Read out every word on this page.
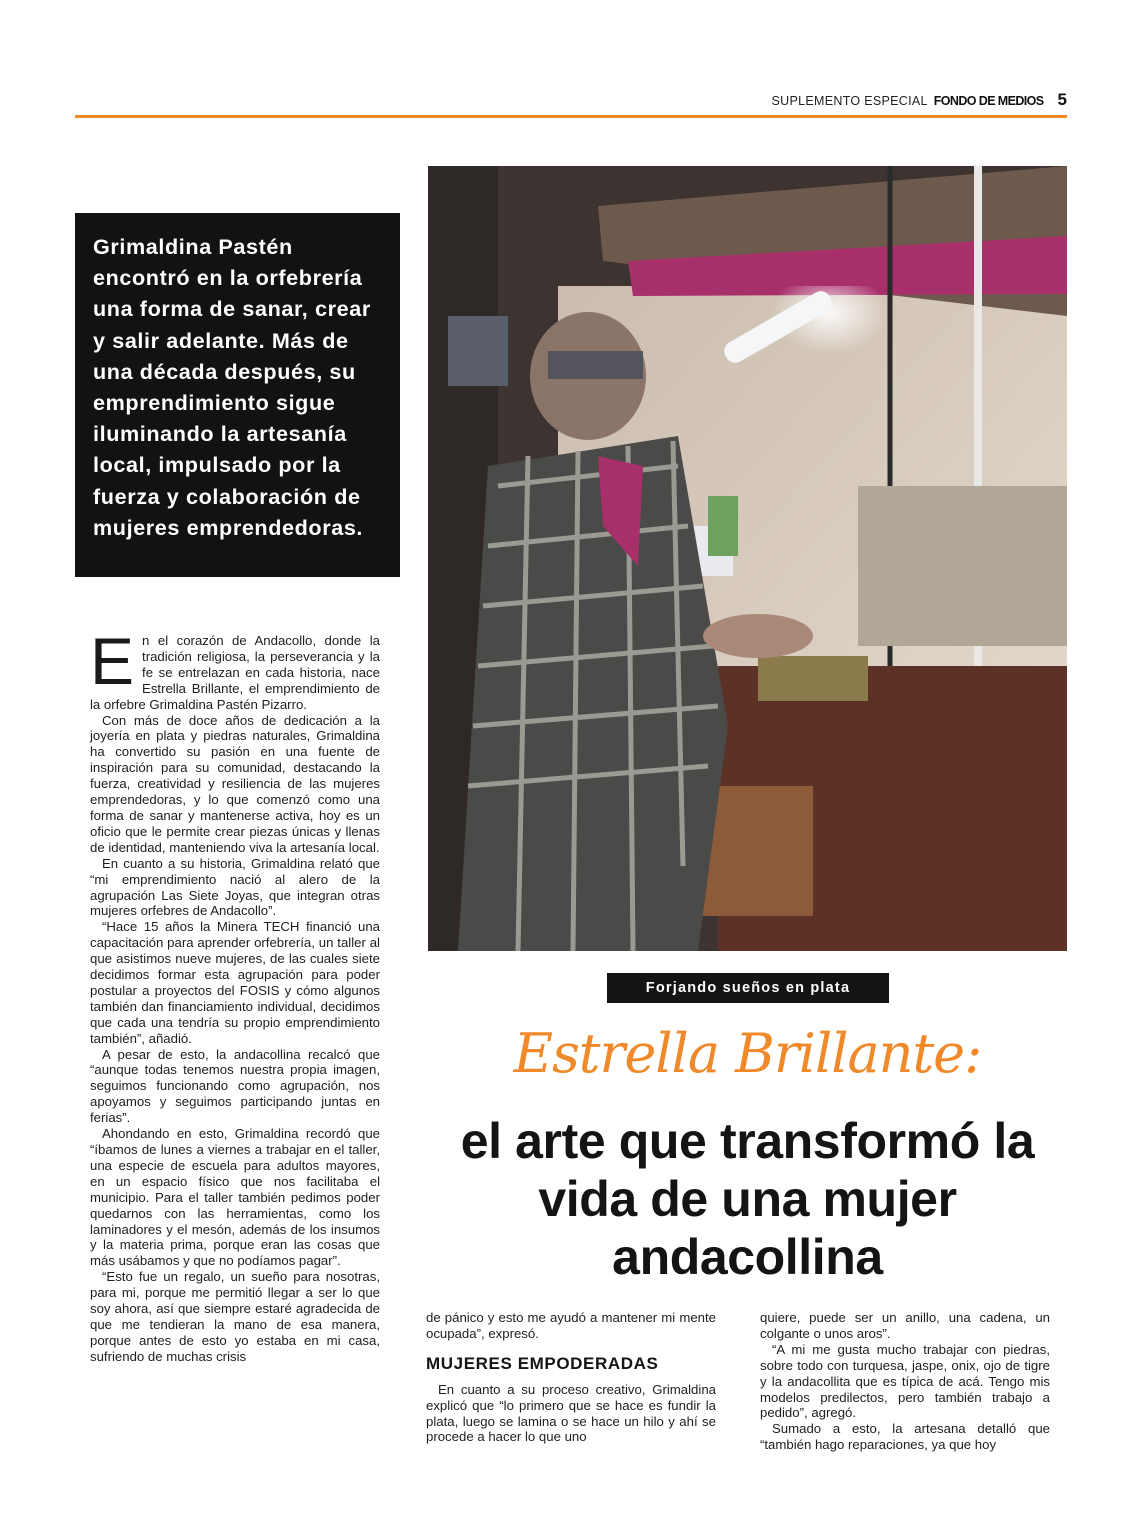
SUPLEMENTO ESPECIAL FONDO DE MEDIOS 5
Grimaldina Pastén encontró en la orfebrería una forma de sanar, crear y salir adelante. Más de una década después, su emprendimiento sigue iluminando la artesanía local, impulsado por la fuerza y colaboración de mujeres emprendedoras.
Forjando sueños en plata
Estrella Brillante:
el arte que transformó la vida de una mujer andacollina

En el corazón de Andacollo, donde la tradición religiosa, la perseverancia y la fe se entrelazan en cada historia, nace Estrella Brillante, el emprendimiento de la orfebre Grimaldina Pastén Pizarro.

Con más de doce años de dedicación a la joyería en plata y piedras naturales, Grimaldina ha convertido su pasión en una fuente de inspiración para su comunidad, destacando la fuerza, creatividad y resiliencia de las mujeres emprendedoras, y lo que comenzó como una forma de sanar y mantenerse activa, hoy es un oficio que le permite crear piezas únicas y llenas de identidad, manteniendo viva la artesanía local.

En cuanto a su historia, Grimaldina relató que “mi emprendimiento nació al alero de la agrupación Las Siete Joyas, que integran otras mujeres orfebres de Andacollo”.

“Hace 15 años la Minera TECH financió una capacitación para aprender orfebrería, un taller al que asistimos nueve mujeres, de las cuales siete decidimos formar esta agrupación para poder postular a proyectos del FOSIS y cómo algunos también dan financiamiento individual, decidimos que cada una tendría su propio emprendimiento también”, añadió.

A pesar de esto, la andacollina recalcó que “aunque todas tenemos nuestra propia imagen, seguimos funcionando como agrupación, nos apoyamos y seguimos participando juntas en ferias”.

Ahondando en esto, Grimaldina recordó que “íbamos de lunes a viernes a trabajar en el taller, una especie de escuela para adultos mayores, en un espacio físico que nos facilitaba el municipio. Para el taller también pedimos poder quedarnos con las herramientas, como los laminadores y el mesón, además de los insumos y la materia prima, porque eran las cosas que más usábamos y que no podíamos pagar”.

“Esto fue un regalo, un sueño para nosotras, para mi, porque me permitió llegar a ser lo que soy ahora, así que siempre estaré agradecida de que me tendieran la mano de esa manera, porque antes de esto yo estaba en mi casa, sufriendo de muchas crisis

de pánico y esto me ayudó a mantener mi mente ocupada”, expresó.

MUJERES EMPODERADAS

En cuanto a su proceso creativo, Grimaldina explicó que “lo primero que se hace es fundir la plata, luego se lamina o se hace un hilo y ahí se procede a hacer lo que uno

quiere, puede ser un anillo, una cadena, un colgante o unos aros”.

“A mi me gusta mucho trabajar con piedras, sobre todo con turquesa, jaspe, onix, ojo de tigre y la andacollita que es típica de acá. Tengo mis modelos predilectos, pero también trabajo a pedido”, agregó.

Sumado a esto, la artesana detalló que “también hago reparaciones, ya que hoy
